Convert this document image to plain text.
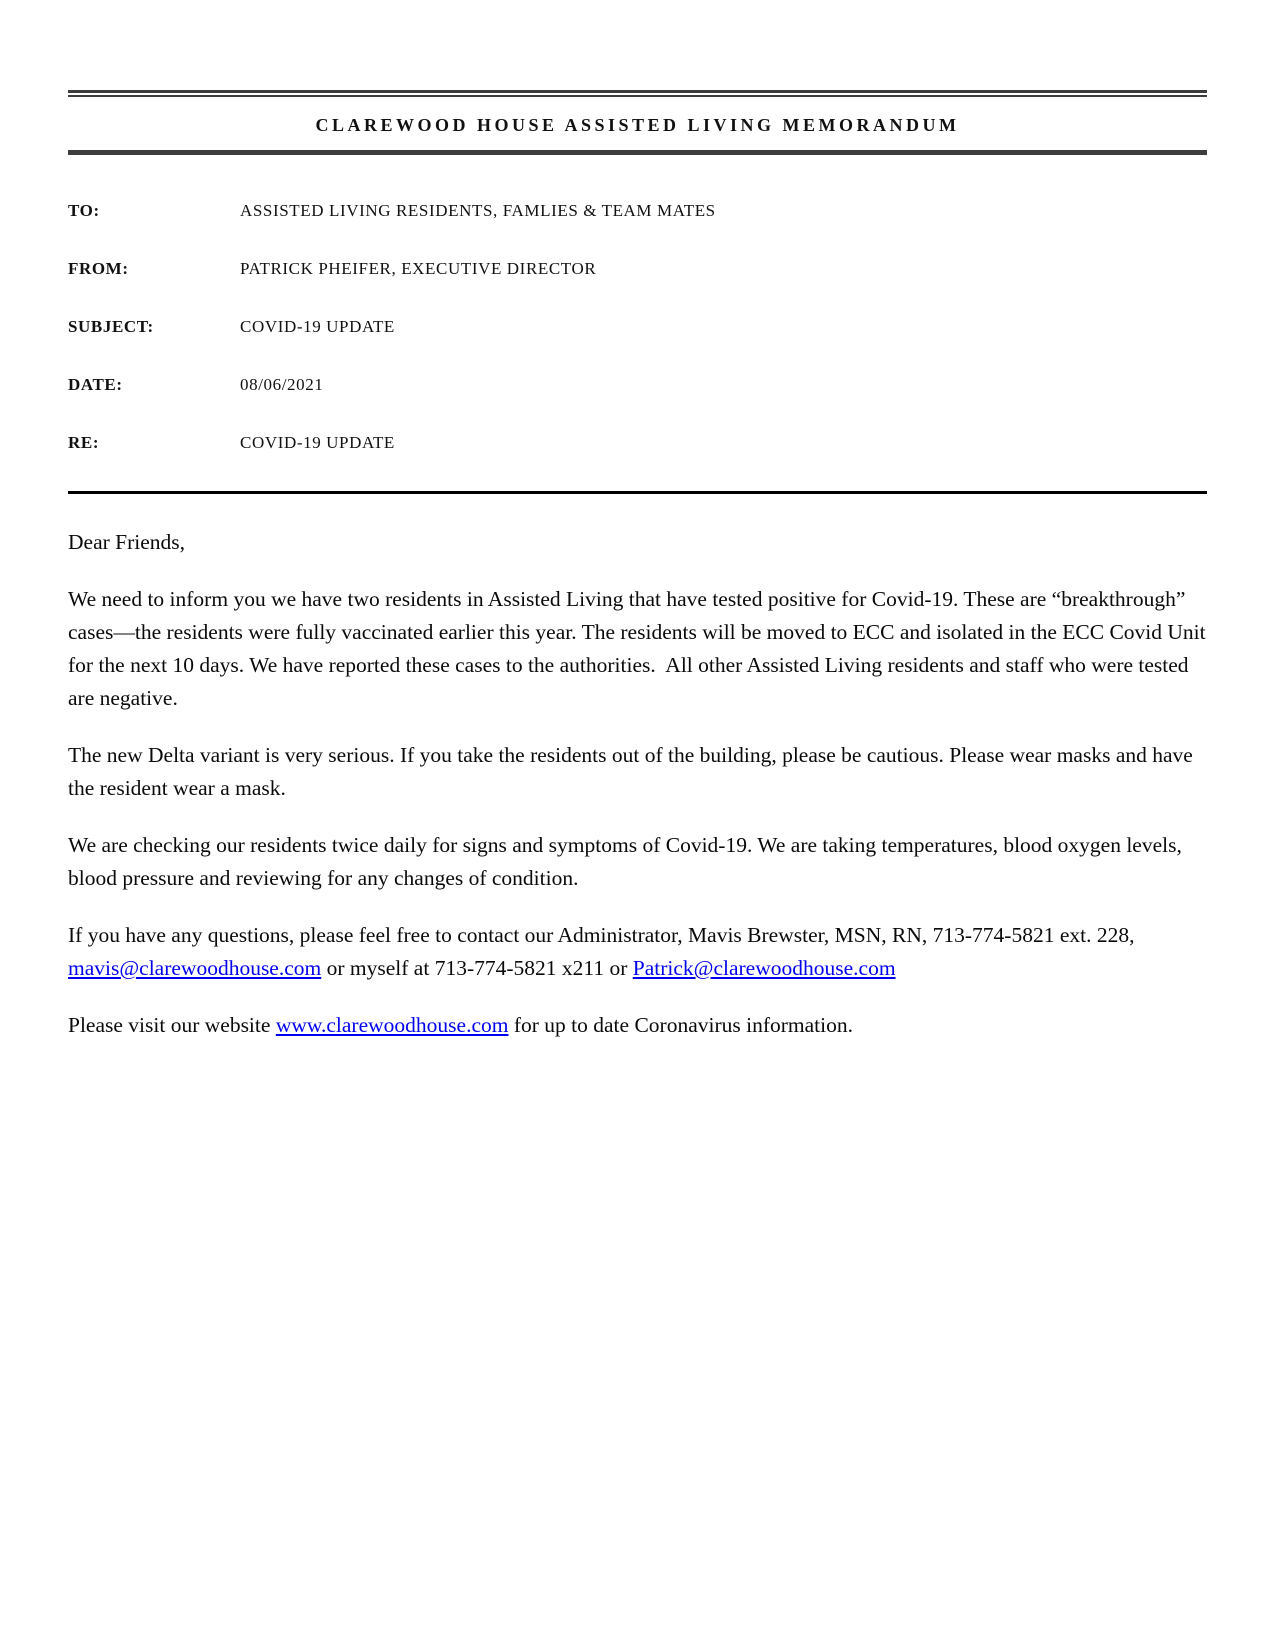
CLAREWOOD HOUSE ASSISTED LIVING MEMORANDUM
TO:	ASSISTED LIVING RESIDENTS, FAMLIES & TEAM MATES
FROM:	PATRICK PHEIFER, EXECUTIVE DIRECTOR
SUBJECT:	COVID-19 UPDATE
DATE:	08/06/2021
RE:	COVID-19 UPDATE

Dear Friends,

We need to inform you we have two residents in Assisted Living that have tested positive for Covid-19. These are “breakthrough” cases—the residents were fully vaccinated earlier this year. The residents will be moved to ECC and isolated in the ECC Covid Unit for the next 10 days. We have reported these cases to the authorities.  All other Assisted Living residents and staff who were tested are negative.

The new Delta variant is very serious. If you take the residents out of the building, please be cautious. Please wear masks and have the resident wear a mask.

We are checking our residents twice daily for signs and symptoms of Covid-19. We are taking temperatures, blood oxygen levels, blood pressure and reviewing for any changes of condition.

If you have any questions, please feel free to contact our Administrator, Mavis Brewster, MSN, RN, 713-774-5821 ext. 228, mavis@clarewoodhouse.com or myself at 713-774-5821 x211 or Patrick@clarewoodhouse.com

Please visit our website www.clarewoodhouse.com for up to date Coronavirus information.
